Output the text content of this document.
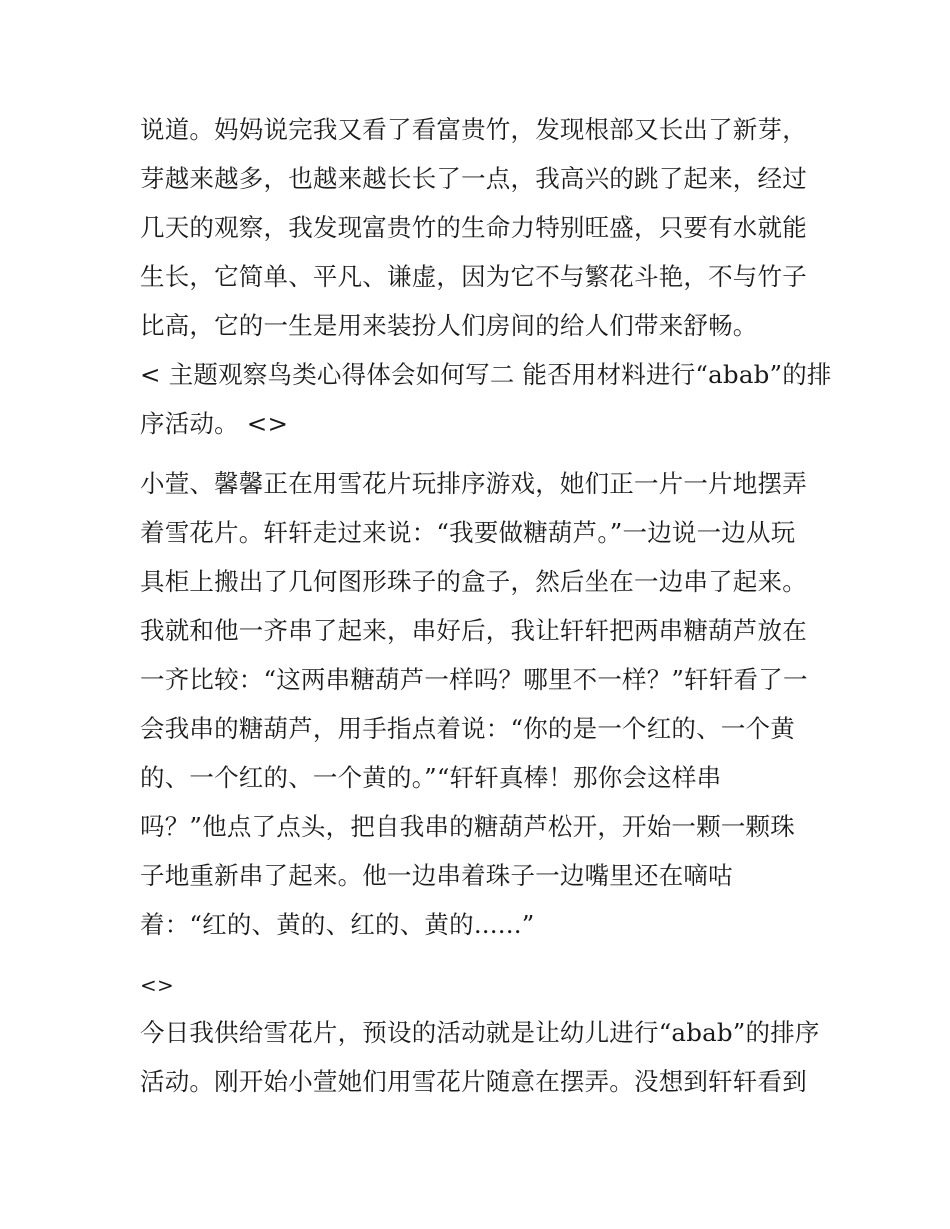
说道。妈妈说完我又看了看富贵竹，发现根部又长出了新芽，
芽越来越多，也越来越长长了一点，我高兴的跳了起来，经过
几天的观察，我发现富贵竹的生命力特别旺盛，只要有水就能
生长，它简单、平凡、谦虚，因为它不与繁花斗艳，不与竹子
比高，它的一生是用来装扮人们房间的给人们带来舒畅。
< 主题观察鸟类心得体会如何写二 能否用材料进行“abab”的排
序活动。 <>
小萱、馨馨正在用雪花片玩排序游戏，她们正一片一片地摆弄
着雪花片。轩轩走过来说：“我要做糖葫芦。”一边说一边从玩
具柜上搬出了几何图形珠子的盒子，然后坐在一边串了起来。
我就和他一齐串了起来，串好后，我让轩轩把两串糖葫芦放在
一齐比较：“这两串糖葫芦一样吗？哪里不一样？”轩轩看了一
会我串的糖葫芦，用手指点着说：“你的是一个红的、一个黄
的、一个红的、一个黄的。”“轩轩真棒！那你会这样串
吗？”他点了点头，把自我串的糖葫芦松开，开始一颗一颗珠
子地重新串了起来。他一边串着珠子一边嘴里还在嘀咕
着：“红的、黄的、红的、黄的......”
<>
今日我供给雪花片，预设的活动就是让幼儿进行“abab”的排序
活动。刚开始小萱她们用雪花片随意在摆弄。没想到轩轩看到
